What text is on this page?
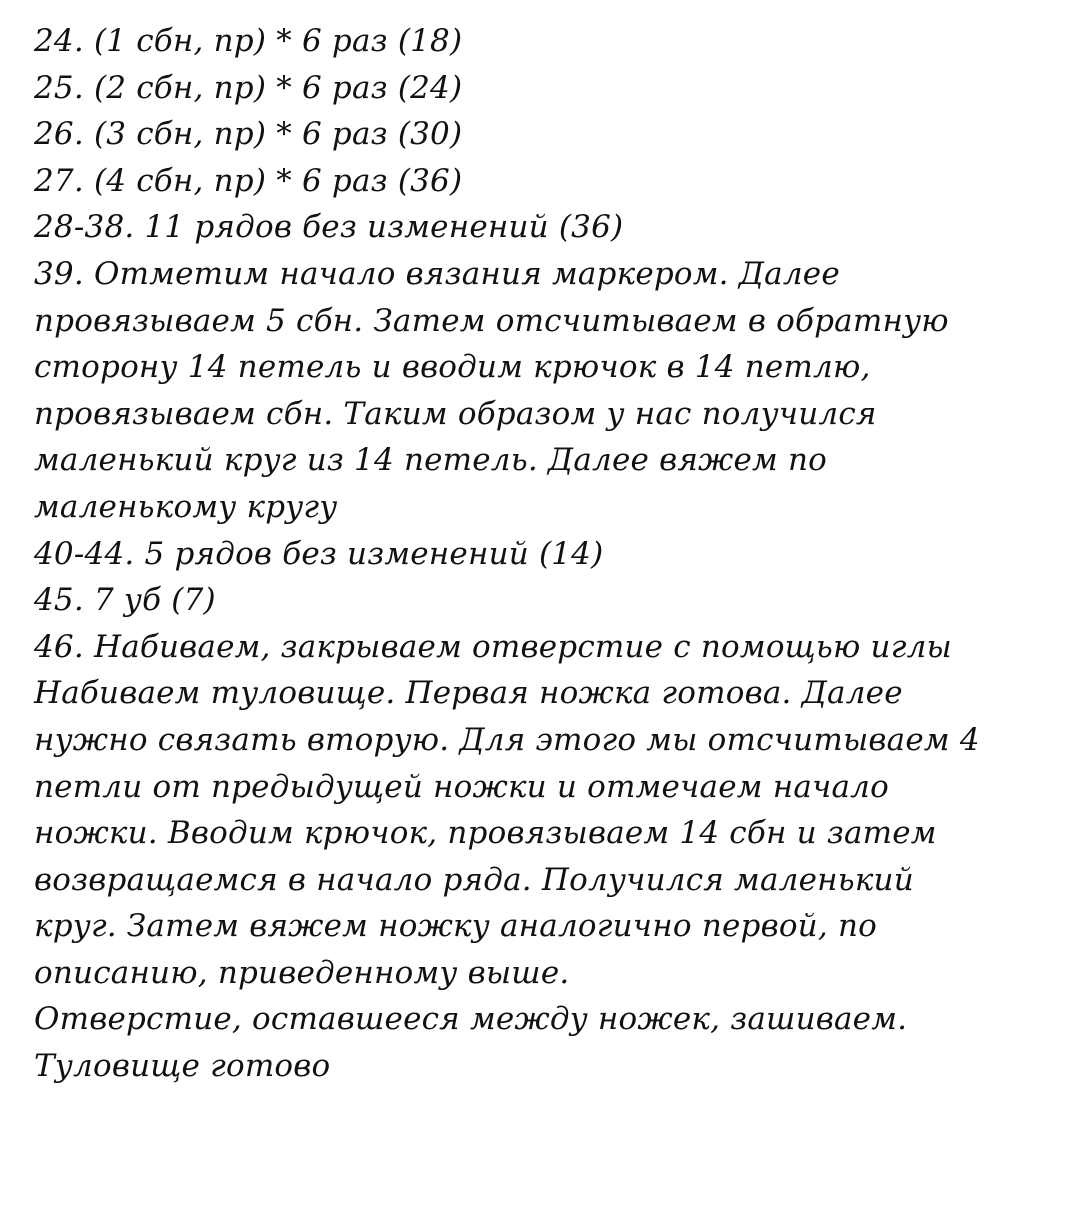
24. (1 сбн, пр) * 6 раз (18)
25. (2 сбн, пр) * 6 раз (24)
26. (3 сбн, пр) * 6 раз (30)
27. (4 сбн, пр) * 6 раз (36)
28-38. 11 рядов без изменений (36)
39. Отметим начало вязания маркером. Далее
провязываем 5 сбн. Затем отсчитываем в обратную
сторону 14 петель и вводим крючок в 14 петлю,
провязываем сбн. Таким образом у нас получился
маленький круг из 14 петель. Далее вяжем по
маленькому кругу
40-44. 5 рядов без изменений (14)
45. 7 уб (7)
46. Набиваем, закрываем отверстие с помощью иглы
Набиваем туловище. Первая ножка готова. Далее
нужно связать вторую. Для этого мы отсчитываем 4
петли от предыдущей ножки и отмечаем начало
ножки. Вводим крючок, провязываем 14 сбн и затем
возвращаемся в начало ряда. Получился маленький
круг. Затем вяжем ножку аналогично первой, по
описанию, приведенному выше.
Отверстие, оставшееся между ножек, зашиваем.
Туловище готово
